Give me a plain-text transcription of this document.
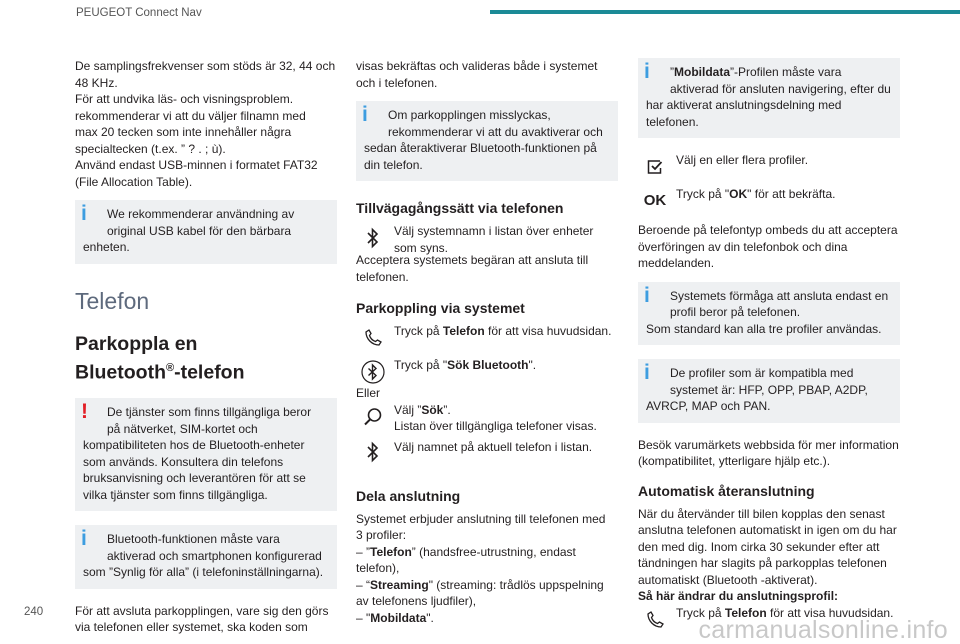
PEUGEOT Connect Nav
De samplingsfrekvenser som stöds är 32, 44 och
48 KHz.
För att undvika läs- och visningsproblem.
rekommenderar vi att du väljer filnamn med
max 20 tecken som inte innehåller några
specialtecken (t.ex. ” ? . ; ù).
Använd endast USB-minnen i formatet FAT32
(File Allocation Table).
i	We rekommenderar användning av
original USB kabel för den bärbara
enheten.
Telefon
Parkoppla en
Bluetooth®-telefon
!	De tjänster som finns tillgängliga beror
på nätverket, SIM-kortet och
kompatibiliteten hos de Bluetooth-enheter
som används. Konsultera din telefons
bruksanvisning och leverantören för att se
vilka tjänster som finns tillgängliga.
i	Bluetooth-funktionen måste vara
aktiverad och smartphonen konfigurerad
som ”Synlig för alla” (i telefoninställningarna).
För att avsluta parkopplingen, vare sig den görs
via telefonen eller systemet, ska koden som
visas bekräftas och valideras både i systemet
och i telefonen.
i	Om parkopplingen misslyckas,
rekommenderar vi att du avaktiverar och
sedan återaktiverar Bluetooth-funktionen på
din telefon.
Tillvägagångssätt via telefonen
Välj systemnamn i listan över enheter
som syns.
Acceptera systemets begäran att ansluta till
telefonen.
Parkoppling via systemet
Tryck på Telefon för att visa huvudsidan.
Tryck på "Sök Bluetooth".
Eller
Välj ”Sök”.
Listan över tillgängliga telefoner visas.
Välj namnet på aktuell telefon i listan.
Dela anslutning
Systemet erbjuder anslutning till telefonen med
3 profiler:
– ”Telefon” (handsfree-utrustning, endast
telefon),
– “Streaming" (streaming: trådlös uppspelning
av telefonens ljudfiler),
– "Mobildata".
i	”Mobildata”-Profilen måste vara
aktiverad för ansluten navigering, efter du
har aktiverat anslutningsdelning med
telefonen.
Välj en eller flera profiler.
OK Tryck på "OK" för att bekräfta.
Beroende på telefontyp ombeds du att acceptera
överföringen av din telefonbok och dina
meddelanden.
i	Systemets förmåga att ansluta endast en
profil beror på telefonen.
Som standard kan alla tre profiler användas.
i	De profiler som är kompatibla med
systemet är: HFP, OPP, PBAP, A2DP,
AVRCP, MAP och PAN.
Besök varumärkets webbsida för mer information
(kompatibilitet, ytterligare hjälp etc.).
Automatisk återanslutning
När du återvänder till bilen kopplas den senast
anslutna telefonen automatiskt in igen om du har
den med dig. Inom cirka 30 sekunder efter att
tändningen har slagits på parkopplas telefonen
automatiskt (Bluetooth -aktiverat).
Så här ändrar du anslutningsprofil:
Tryck på Telefon för att visa huvudsidan.
240
carmanualsonline.info
